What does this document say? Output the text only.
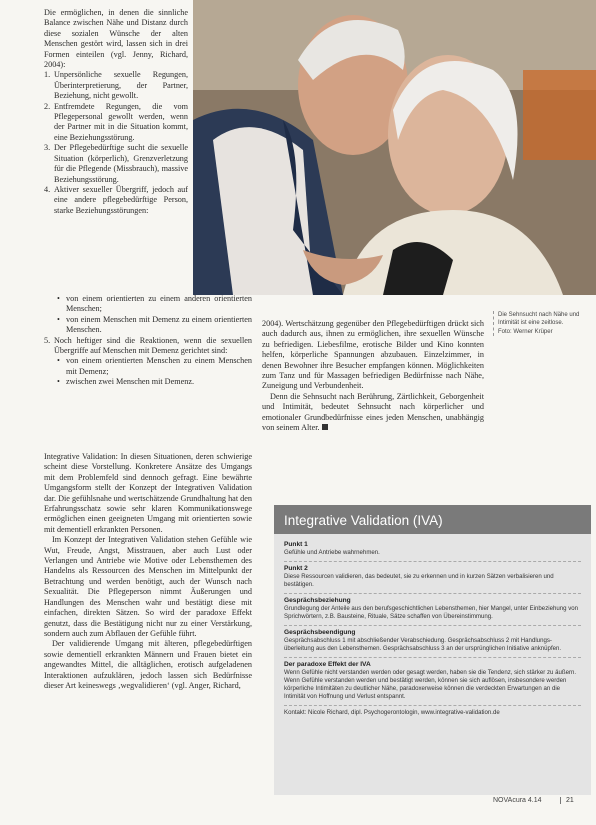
Die Sehnsucht nach Nähe und Intimität ist eine zeitlose.
Foto: Werner Krüper

Die ermöglichen, in denen die sinnliche Balance zwischen Nähe und Distanz durch diese sozialen Wünsche der alten Menschen gestört wird, lassen sich in drei Formen einteilen (vgl. Jenny, Richard, 2004):

1. Unpersönliche sexuelle Regungen, Überinterpretierung, der Partner, Beziehung, nicht gewollt.
2. Entfremdete Regungen, die vom Pflegepersonal gewollt werden, wenn der Partner mit in die Situation kommt, eine Beziehungsstörung.
3. Der Pflegebedürftige sucht die sexuelle Situation (körperlich), Grenzverletzung für die Pflegende (Missbrauch), massive Beziehungsstörung.
4. Aktiver sexueller Übergriff, jedoch auf eine andere pflegebedürftige Person, starke Beziehungsstörungen:
• von einem orientierten zu einem anderen orientierten Menschen;
• von einem Menschen mit Demenz zu einem orientierten Menschen.
5. Noch heftiger sind die Reaktionen, wenn die sexuellen Übergriffe auf Menschen mit Demenz gerichtet sind:
• von einem orientierten Menschen zu einem Menschen mit Demenz;
• zwischen zwei Menschen mit Demenz.

Integrative Validation: In diesen Situationen, deren schwierige scheint diese Vorstellung. Konkretere Ansätze des Umgangs mit dem Problemfeld sind dennoch gefragt. Eine bewährte Umgangsform stellt der Konzept der Integrativen Validation dar. Die gefühlsnahe und wertschätzende Grundhaltung hat den Erfahrungsschatz sowie sehr klaren Kommunikationswege ermöglichen einen geeigneten Umgang mit orientierten sowie mit dementiell erkrankten Personen.

Im Konzept der Integrativen Validation stehen Gefühle wie Wut, Freude, Angst, Misstrauen, aber auch Lust oder Verlangen und Antriebe wie Motive oder Lebensthemen des Handelns als Ressourcen des Menschen im Mittelpunkt der Betrachtung und werden benötigt, auch der Wunsch nach Sexualität. Die Pflegeperson nimmt Äußerungen und Handlungen des Menschen wahr und bestätigt diese mit einfachen, direkten Sätzen. So wird der paradoxe Effekt genutzt, dass die Bestätigung nicht nur zu einer Verstärkung, sondern auch zum Abflauen der Gefühle führt.

Der validierende Umgang mit älteren, pflegebedürftigen sowie dementiell erkrankten Männern und Frauen bietet ein angewandtes Mittel, die alltäglichen, erotisch aufgeladenen Interaktionen aufzuklären, jedoch lassen sich Bedürfnisse dieser Art keineswegs ‚wegvalidieren‘ (vgl. Anger, Richard,

2004). Wertschätzung gegenüber den Pflegebedürftigen drückt sich auch dadurch aus, ihnen zu ermöglichen, ihre sexuellen Wünsche zu befriedigen. Liebesfilme, erotische Bilder und Kino konnten helfen, körperliche Spannungen abzubauen. Einzelzimmer, in denen Bewohner ihre Besucher empfangen können. Möglichkeiten zum Tanz und für Massagen befriedigen Bedürfnisse nach Nähe, Zuneigung und Verbundenheit.

Denn die Sehnsucht nach Berührung, Zärtlichkeit, Geborgenheit und Intimität, bedeutet Sehnsucht nach körperlicher und emotionaler Grundbedürfnisse eines jeden Menschen, unabhängig von seinem Alter.

Integrative Validation (IVA)
Punkt 1
Gefühle und Antriebe wahrnehmen.
Punkt 2
Diese Ressourcen validieren, das bedeutet, sie zu erkennen und in kurzen Sätzen verbalisieren und bestätigen.
Gesprächsbeziehung
Grundlegung der Anteile aus den berufsgeschichtlichen Lebensthemen, hier Mangel, unter Einbeziehung von Sprichwörtern, z.B. Bausteine, Rituale, Sätze schaffen von Übereinstimmung.
Gesprächsbeendigung
Gesprächsabschluss 1 mit abschließender Verabschiedung. Gesprächsabschluss 2 mit Handlungs-überleitung aus den Lebensthemen. Gesprächsabschluss 3 an der ursprünglichen Initiative anknüpfen.
Der paradoxe Effekt der IVA
Wenn Gefühle nicht verstanden werden oder gesagt werden, haben sie die Tendenz, sich stärker zu äußern. Wenn Gefühle verstanden werden und bestätigt werden, können sie sich auflösen, insbesondere werden körperliche Intimitäten zu deutlicher Nähe, paradoxerweise können die verdeckten Erwartungen an die Intimität von Hoffnung und Verlust entspannt.
Kontakt: Nicole Richard, dipl. Psychogerontologin, www.integrative-validation.de
NOVAcura 4.14	21
